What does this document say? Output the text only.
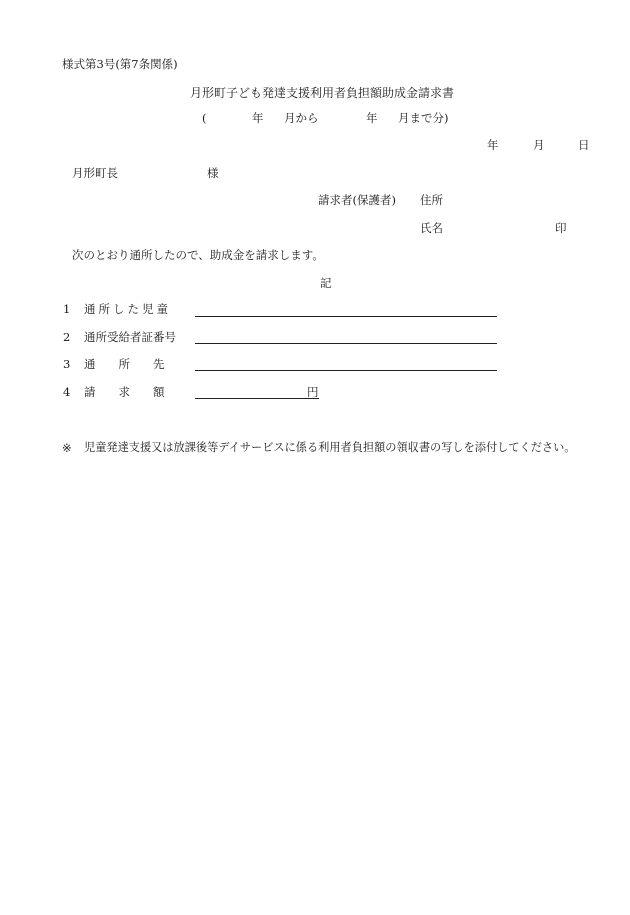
様式第3号(第7条関係)
月形町子ども発達支援利用者負担額助成金請求書
(	年 月から	年 月まで分)
年	月	日
月形町長	様
請求者(保護者) 住所
氏名	印
次のとおり通所したので、助成金を請求します。
記
1 通所した児童
2 通所受給者証番号
3 通　　所　　先
4 請　　求　　額	円
※ 児童発達支援又は放課後等デイサービスに係る利用者負担額の領収書の写しを添付してください。
